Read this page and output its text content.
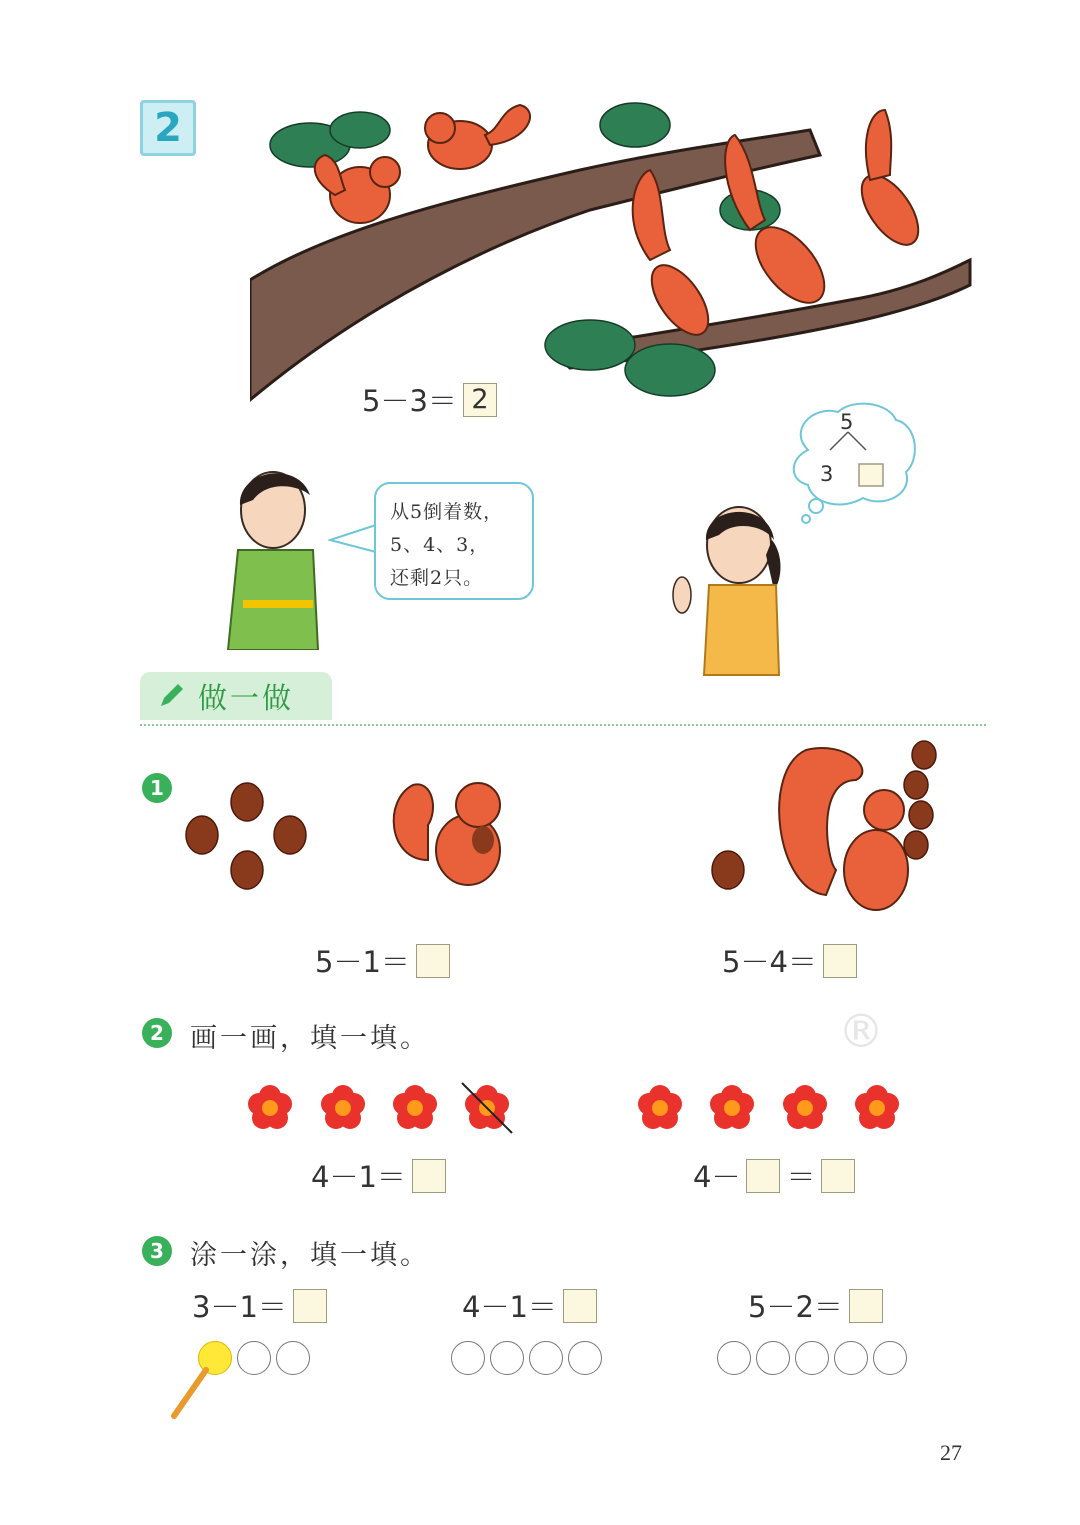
2
5－3＝ 2
从5倒着数，
5、4、3，
还剩2只。
5
3
做一做
1
5－1＝	5－4＝
2 画一画，填一填。	®
4－1＝	4－ ＝
3 涂一涂，填一填。
3－1＝	4－1＝	5－2＝
27
